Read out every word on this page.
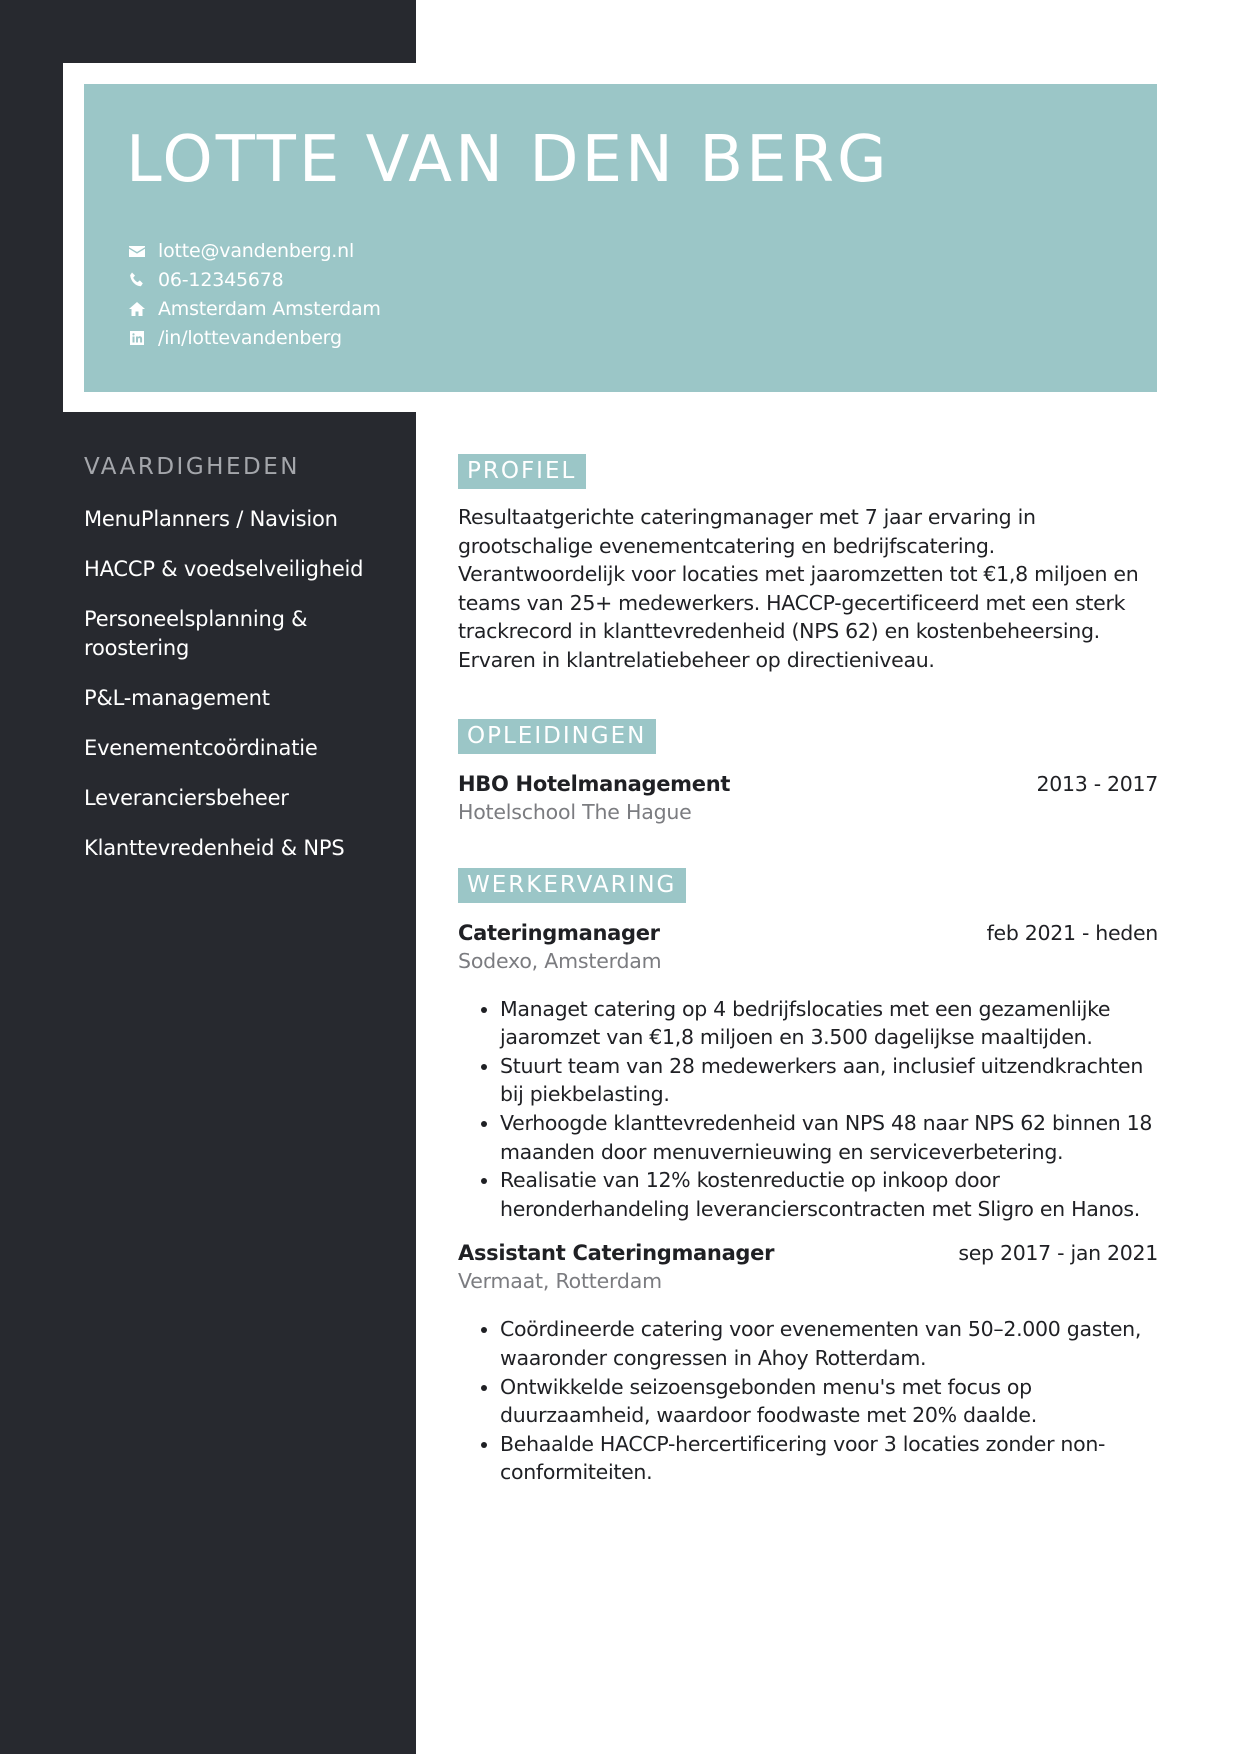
LOTTE VAN DEN BERG
lotte@vandenberg.nl
06-12345678
Amsterdam Amsterdam
/in/lottevandenberg
VAARDIGHEDEN
MenuPlanners / Navision
HACCP & voedselveiligheid
Personeelsplanning & roostering
P&L-management
Evenementcoördinatie
Leveranciersbeheer
Klanttevredenheid & NPS
PROFIEL
Resultaatgerichte cateringmanager met 7 jaar ervaring in grootschalige evenementcatering en bedrijfscatering. Verantwoordelijk voor locaties met jaaromzetten tot €1,8 miljoen en teams van 25+ medewerkers. HACCP-gecertificeerd met een sterk trackrecord in klanttevredenheid (NPS 62) en kostenbeheersing. Ervaren in klantrelatiebeheer op directieniveau.
OPLEIDINGEN
HBO Hotelmanagement	2013 - 2017
Hotelschool The Hague
WERKERVARING
Cateringmanager	feb 2021 - heden
Sodexo, Amsterdam
• Managet catering op 4 bedrijfslocaties met een gezamenlijke jaaromzet van €1,8 miljoen en 3.500 dagelijkse maaltijden.
• Stuurt team van 28 medewerkers aan, inclusief uitzendkrachten bij piekbelasting.
• Verhoogde klanttevredenheid van NPS 48 naar NPS 62 binnen 18 maanden door menuvernieuwing en serviceverbetering.
• Realisatie van 12% kostenreductie op inkoop door heronderhandeling leverancierscontracten met Sligro en Hanos.
Assistant Cateringmanager	sep 2017 - jan 2021
Vermaat, Rotterdam
• Coördineerde catering voor evenementen van 50–2.000 gasten, waaronder congressen in Ahoy Rotterdam.
• Ontwikkelde seizoensgebonden menu's met focus op duurzaamheid, waardoor foodwaste met 20% daalde.
• Behaalde HACCP-hercertificering voor 3 locaties zonder non-conformiteiten.
